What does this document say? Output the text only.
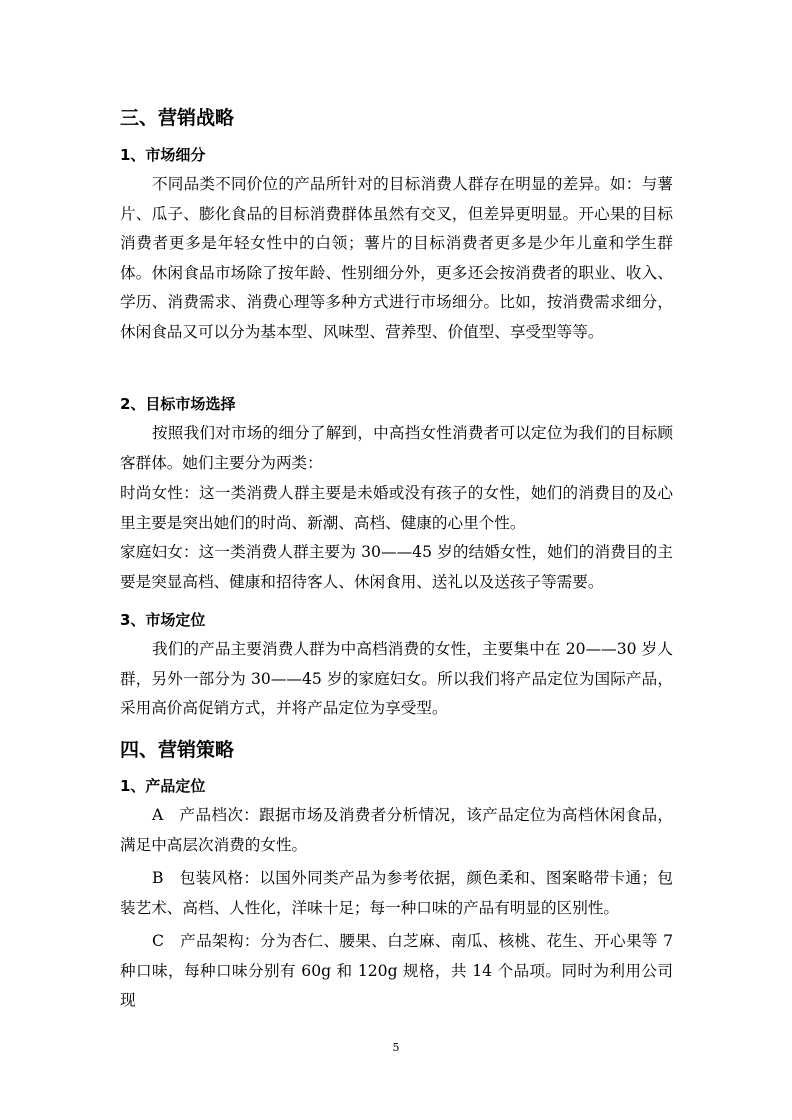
三、营销战略
1、市场细分

不同品类不同价位的产品所针对的目标消费人群存在明显的差异。如：与薯片、瓜子、膨化食品的目标消费群体虽然有交叉，但差异更明显。开心果的目标消费者更多是年轻女性中的白领；薯片的目标消费者更多是少年儿童和学生群体。休闲食品市场除了按年龄、性别细分外，更多还会按消费者的职业、收入、学历、消费需求、消费心理等多种方式进行市场细分。比如，按消费需求细分，休闲食品又可以分为基本型、风味型、营养型、价值型、享受型等等。

2、目标市场选择

按照我们对市场的细分了解到，中高挡女性消费者可以定位为我们的目标顾客群体。她们主要分为两类：

时尚女性：这一类消费人群主要是未婚或没有孩子的女性，她们的消费目的及心里主要是突出她们的时尚、新潮、高档、健康的心里个性。

家庭妇女：这一类消费人群主要为 30——45 岁的结婚女性，她们的消费目的主要是突显高档、健康和招待客人、休闲食用、送礼以及送孩子等需要。

3、市场定位

我们的产品主要消费人群为中高档消费的女性，主要集中在 20——30 岁人群，另外一部分为 30——45 岁的家庭妇女。所以我们将产品定位为国际产品，采用高价高促销方式，并将产品定位为享受型。

四、营销策略
1、产品定位

A　产品档次：跟据市场及消费者分析情况，该产品定位为高档休闲食品，满足中高层次消费的女性。

B　包装风格：以国外同类产品为参考依据，颜色柔和、图案略带卡通；包装艺术、高档、人性化，洋味十足；每一种口味的产品有明显的区别性。

C　产品架构：分为杏仁、腰果、白芝麻、南瓜、核桃、花生、开心果等 7 种口味，每种口味分别有 60g 和 120g 规格，共 14 个品项。同时为利用公司现

5
